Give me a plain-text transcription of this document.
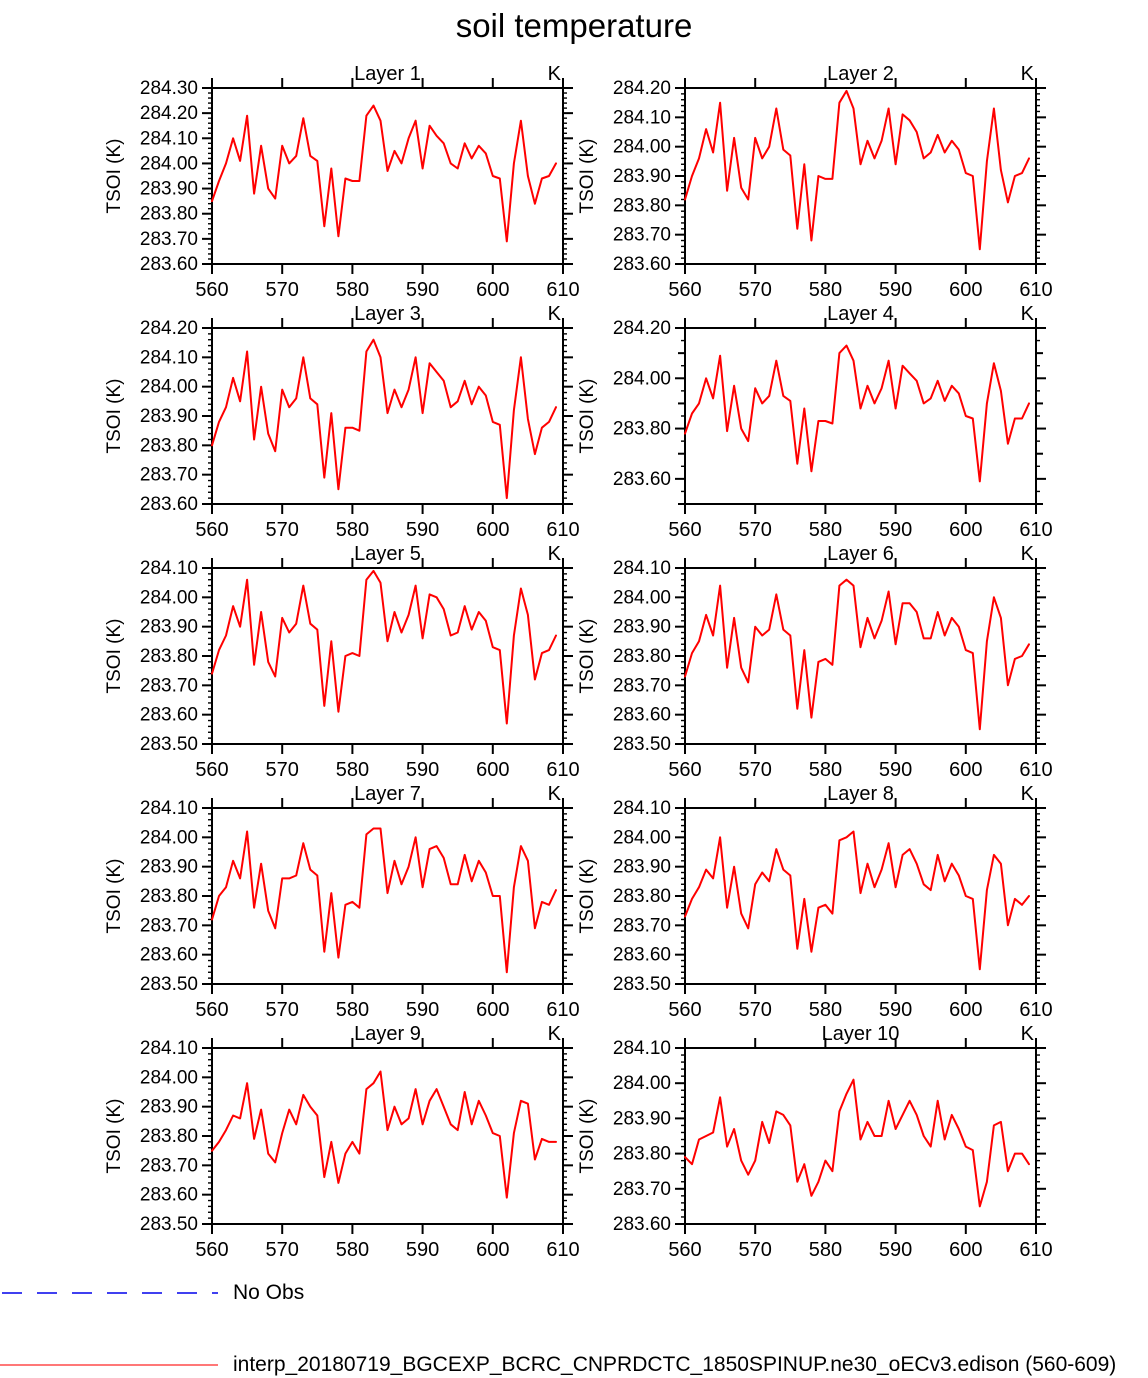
560 570 580 590 600 610
283.60
283.70
283.80
283.90
284.00
284.10
284.20
284.30
Layer 1	K
TSOI (K)
560 570 580 590 600 610
283.60
283.70
283.80
283.90
284.00
284.10
284.20
Layer 2	K
TSOI (K)
560 570 580 590 600 610
283.60
283.70
283.80
283.90
284.00
284.10
284.20
Layer 3	K
TSOI (K)
560 570 580 590 600 610
283.60
283.80
284.00
284.20
Layer 4	K
TSOI (K)
560 570 580 590 600 610
283.50
283.60
283.70
283.80
283.90
284.00
284.10
Layer 5	K
TSOI (K)
560 570 580 590 600 610
283.50
283.60
283.70
283.80
283.90
284.00
284.10
Layer 6	K
TSOI (K)
560 570 580 590 600 610
283.50
283.60
283.70
283.80
283.90
284.00
284.10
Layer 7	K
TSOI (K)
560 570 580 590 600 610
283.50
283.60
283.70
283.80
283.90
284.00
284.10
Layer 8	K
TSOI (K)
560 570 580 590 600 610
283.50
283.60
283.70
283.80
283.90
284.00
284.10
Layer 9	K
TSOI (K)
560 570 580 590 600 610
283.60
283.70
283.80
283.90
284.00
284.10
Layer 10	K
TSOI (K)
soil temperature
No Obs
interp_20180719_BGCEXP_BCRC_CNPRDCTC_1850SPINUP.ne30_oECv3.edison (560-609)
